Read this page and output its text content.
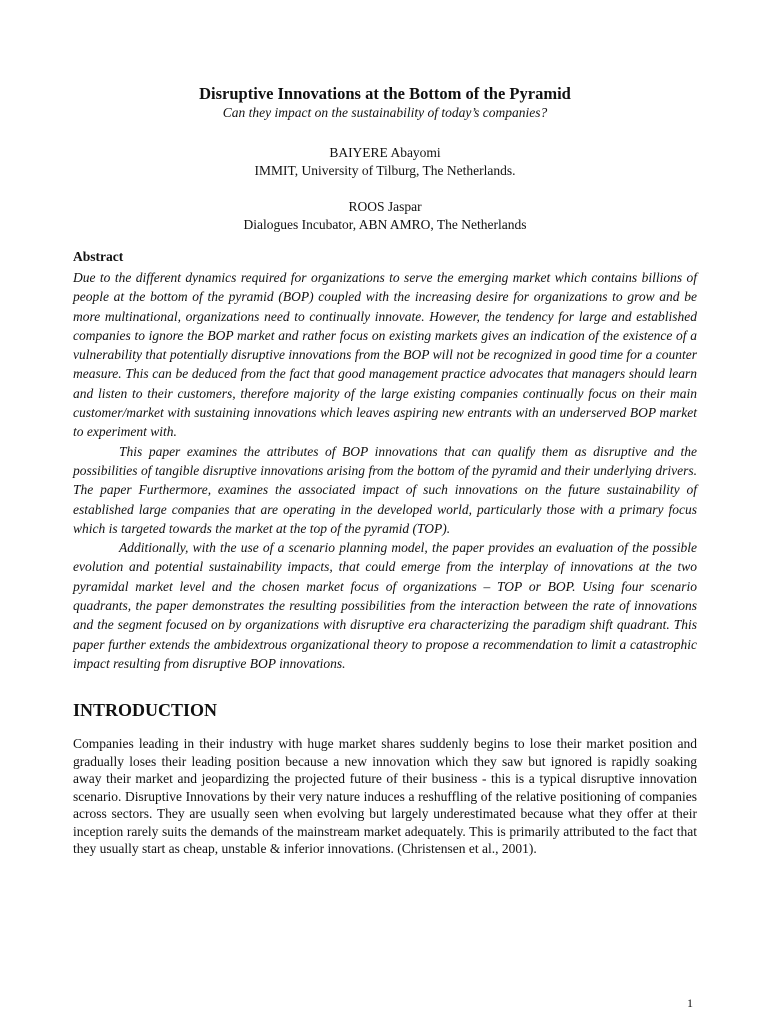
Disruptive Innovations at the Bottom of the Pyramid

Can they impact on the sustainability of today’s companies?

BAIYERE Abayomi

IMMIT, University of Tilburg, The Netherlands.

ROOS Jaspar

Dialogues Incubator, ABN AMRO, The Netherlands

Abstract

Due to the different dynamics required for organizations to serve the emerging market which contains billions of people at the bottom of the pyramid (BOP) coupled with the increasing desire for organizations to grow and be more multinational, organizations need to continually innovate. However, the tendency for large and established companies to ignore the BOP market and rather focus on existing markets gives an indication of the existence of a vulnerability that potentially disruptive innovations from the BOP will not be recognized in good time for a counter measure. This can be deduced from the fact that good management practice advocates that managers should learn and listen to their customers, therefore majority of the large existing companies continually focus on their main customer/market with sustaining innovations which leaves aspiring new entrants with an underserved BOP market to experiment with.

This paper examines the attributes of BOP innovations that can qualify them as disruptive and the possibilities of tangible disruptive innovations arising from the bottom of the pyramid and their underlying drivers. The paper Furthermore, examines the associated impact of such innovations on the future sustainability of established large companies that are operating in the developed world, particularly those with a primary focus which is targeted towards the market at the top of the pyramid (TOP).

Additionally, with the use of a scenario planning model, the paper provides an evaluation of the possible evolution and potential sustainability impacts, that could emerge from the interplay of innovations at the two pyramidal market level and the chosen market focus of organizations – TOP or BOP. Using four scenario quadrants, the paper demonstrates the resulting possibilities from the interaction between the rate of innovations and the segment focused on by organizations with disruptive era characterizing the paradigm shift quadrant. This paper further extends the ambidextrous organizational theory to propose a recommendation to limit a catastrophic impact resulting from disruptive BOP innovations.

INTRODUCTION

Companies leading in their industry with huge market shares suddenly begins to lose their market position and gradually loses their leading position because a new innovation which they saw but ignored is rapidly soaking away their market and jeopardizing the projected future of their business - this is a typical disruptive innovation scenario. Disruptive Innovations by their very nature induces a reshuffling of the relative positioning of companies across sectors. They are usually seen when evolving but largely underestimated because what they offer at their inception rarely suits the demands of the mainstream market adequately. This is primarily attributed to the fact that they usually start as cheap, unstable & inferior innovations. (Christensen et al., 2001).

1
